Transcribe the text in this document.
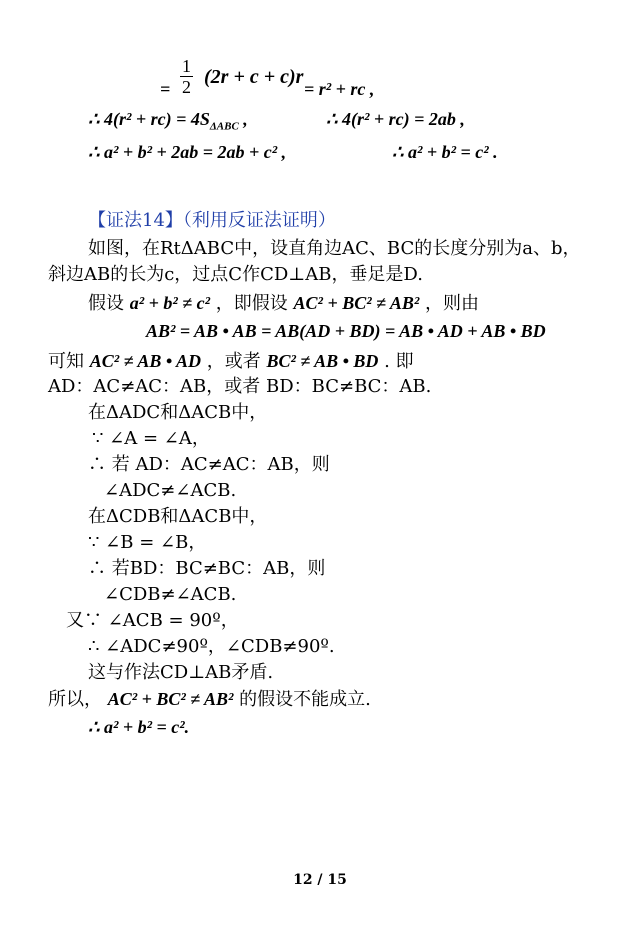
= $\frac{1}{2} (2r + c + c)r$
= r² + rc ,
∴ $4(r^2 + rc) = 4S_{\Delta ABC}$ ,	∴ 4(r² + rc) = 2ab ,
∴ a² + b² + 2ab = 2ab + c² ,	∴ a² + b² = c² .
【证法14】（利用反证法证明）
如图，在RtΔABC中，设直角边AC、BC的长度分别为a、b，
斜边AB的长为c，过点C作CD⊥AB，垂足是D.
假设 a² + b² ≠ c² ，即假设 AC² + BC² ≠ AB² ，则由
AB² = AB • AB = AB(AD + BD) = AB • AD + AB • BD
可知 AC² ≠ AB • AD ，或者 BC² ≠ AB • BD . 即
AD：AC≠AC：AB，或者 BD：BC≠BC：AB.
在ΔADC和ΔACB中，
∵ ∠A = ∠A，
∴ 若 AD：AC≠AC：AB，则
∠ADC≠∠ACB.
在ΔCDB和ΔACB中，
∵ ∠B = ∠B，
∴ 若BD：BC≠BC：AB，则
∠CDB≠∠ACB.
又∵ ∠ACB = 90º，
∴ ∠ADC≠90º，∠CDB≠90º.
这与作法CD⊥AB矛盾.
所以， AC² + BC² ≠ AB² 的假设不能成立.
∴ a² + b² = c².
12 / 15
